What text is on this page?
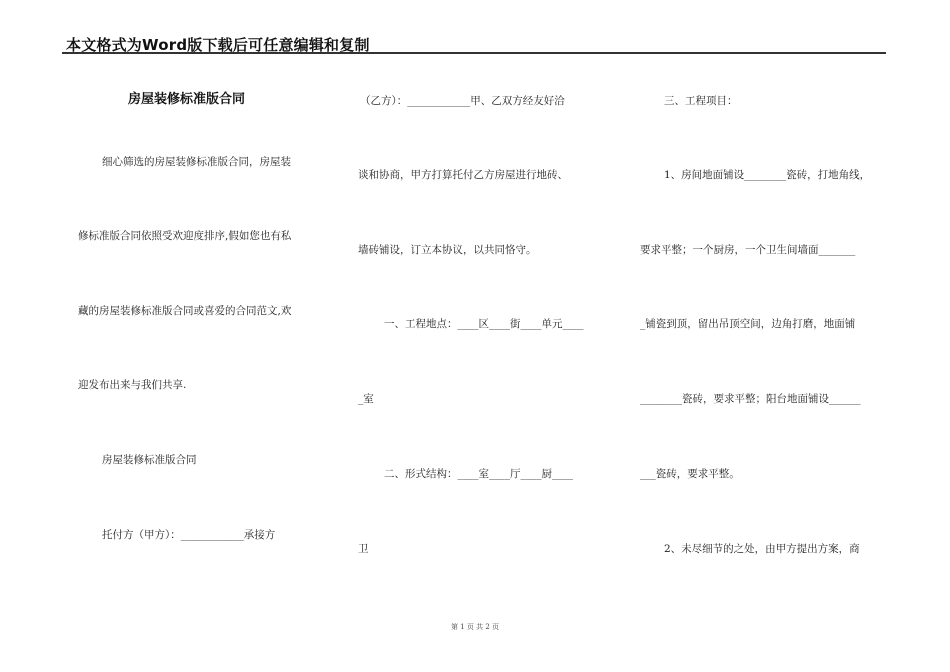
本文格式为Word版下载后可任意编辑和复制
房屋装修标准版合同
细心筛选的房屋装修标准版合同，房屋装
修标准版合同依照受欢迎度排序,假如您也有私
藏的房屋装修标准版合同或喜爱的合同范文,欢
迎发布出来与我们共享.
房屋装修标准版合同
托付方（甲方）：____________承接方
（乙方）：____________甲、乙双方经友好洽
谈和协商，甲方打算托付乙方房屋进行地砖、
墙砖铺设，订立本协议，以共同恪守。
一、工程地点：____区____街____单元____
_室
二、形式结构：____室____厅____厨____
卫
三、工程项目：
1、房间地面铺设________瓷砖，打地角线，
要求平整；一个厨房，一个卫生间墙面_______
_铺瓷到顶，留出吊顶空间，边角打磨，地面铺
________瓷砖，要求平整；阳台地面铺设______
___瓷砖，要求平整。
2、未尽细节的之处，由甲方提出方案，商
第 1 页 共 2 页
